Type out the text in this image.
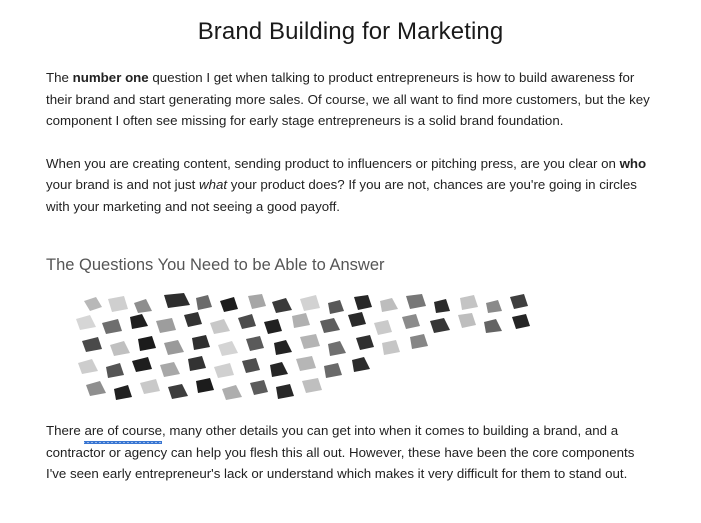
Brand Building for Marketing

The number one question I get when talking to product entrepreneurs is how to build awareness for their brand and start generating more sales. Of course, we all want to find more customers, but the key component I often see missing for early stage entrepreneurs is a solid brand foundation.

When you are creating content, sending product to influencers or pitching press, are you clear on who your brand is and not just what your product does? If you are not, chances are you're going in circles with your marketing and not seeing a good payoff.

The Questions You Need to be Able to Answer

There are of course, many other details you can get into when it comes to building a brand, and a contractor or agency can help you flesh this all out. However, these have been the core components I've seen early entrepreneur's lack or understand which makes it very difficult for them to stand out.
